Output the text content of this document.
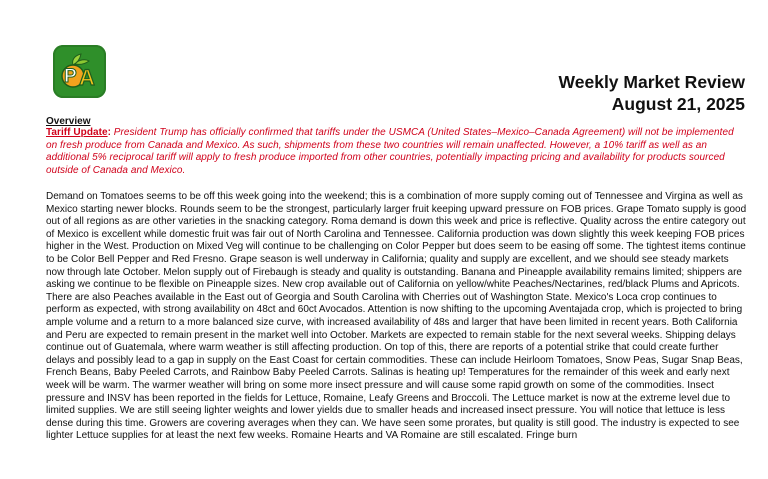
P A	Weekly Market Review
August 21, 2025
Overview
Tariff Update: President Trump has officially confirmed that tariffs under the USMCA (United States–Mexico–Canada Agreement) will not be implemented on fresh produce from Canada and Mexico. As such, shipments from these two countries will remain unaffected. However, a 10% tariff as well as an additional 5% reciprocal tariff will apply to fresh produce imported from other countries, potentially impacting pricing and availability for products sourced outside of Canada and Mexico.
Demand on Tomatoes seems to be off this week going into the weekend; this is a combination of more supply coming out of Tennessee and Virgina as well as Mexico starting newer blocks. Rounds seem to be the strongest, particularly larger fruit keeping upward pressure on FOB prices. Grape Tomato supply is good out of all regions as are other varieties in the snacking category. Roma demand is down this week and price is reflective. Quality across the entire category out of Mexico is excellent while domestic fruit was fair out of North Carolina and Tennessee. California production was down slightly this week keeping FOB prices higher in the West. Production on Mixed Veg will continue to be challenging on Color Pepper but does seem to be easing off some. The tightest items continue to be Color Bell Pepper and Red Fresno. Grape season is well underway in California; quality and supply are excellent, and we should see steady markets now through late October. Melon supply out of Firebaugh is steady and quality is outstanding. Banana and Pineapple availability remains limited; shippers are asking we continue to be flexible on Pineapple sizes. New crop available out of California on yellow/white Peaches/Nectarines, red/black Plums and Apricots. There are also Peaches available in the East out of Georgia and South Carolina with Cherries out of Washington State. Mexico's Loca crop continues to perform as expected, with strong availability on 48ct and 60ct Avocados. Attention is now shifting to the upcoming Aventajada crop, which is projected to bring ample volume and a return to a more balanced size curve, with increased availability of 48s and larger that have been limited in recent years. Both California and Peru are expected to remain present in the market well into October. Markets are expected to remain stable for the next several weeks. Shipping delays continue out of Guatemala, where warm weather is still affecting production. On top of this, there are reports of a potential strike that could create further delays and possibly lead to a gap in supply on the East Coast for certain commodities. These can include Heirloom Tomatoes, Snow Peas, Sugar Snap Beas, French Beans, Baby Peeled Carrots, and Rainbow Baby Peeled Carrots. Salinas is heating up! Temperatures for the remainder of this week and early next week will be warm. The warmer weather will bring on some more insect pressure and will cause some rapid growth on some of the commodities. Insect pressure and INSV has been reported in the fields for Lettuce, Romaine, Leafy Greens and Broccoli. The Lettuce market is now at the extreme level due to limited supplies. We are still seeing lighter weights and lower yields due to smaller heads and increased insect pressure. You will notice that lettuce is less dense during this time. Growers are covering averages when they can. We have seen some prorates, but quality is still good. The industry is expected to see lighter Lettuce supplies for at least the next few weeks. Romaine Hearts and VA Romaine are still escalated. Fringe burn
